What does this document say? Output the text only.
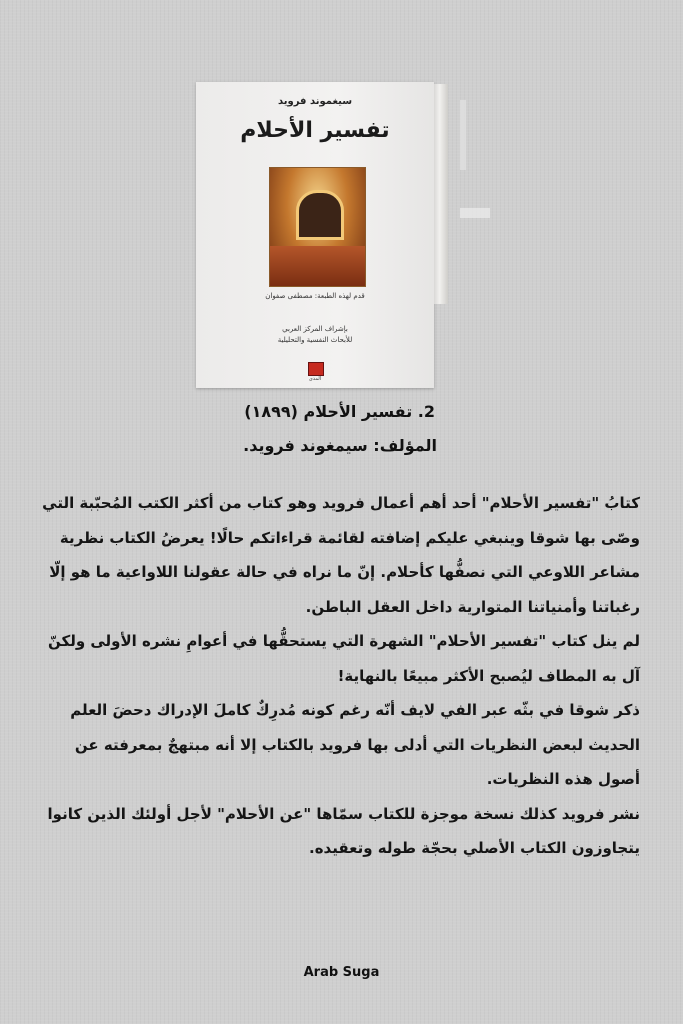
سيغموند فرويد
تفسير الأحلام
قدم لهذه الطبعة: مصطفى صفوان
بإشراف المركز العربي
للأبحاث النفسية والتحليلية
المدى
2. تفسير الأحلام (١٨٩٩)
المؤلف: سيمغوند فرويد.

كتابُ "تفسير الأحلام" أحد أهم أعمال فرويد وهو كتاب من أكثر الكتب المُحبّبة التي وصّى بها شوقا وينبغي عليكم إضافته لقائمة قراءاتكم حالًا! يعرضُ الكتاب نظرية مشاعر اللاوعي التي نصفُّها كأحلام. إنّ ما نراه في حالة عقولنا اللاواعية ما هو إلّا رغباتنا وأمنياتنا المتوارية داخل العقل الباطن.

لم ينل كتاب "تفسير الأحلام" الشهرة التي يستحقُّها في أعوامِ نشره الأولى ولكنّ آل به المطاف ليُصبح الأكثر مبيعًا بالنهاية!

ذكر شوقا في بثّه عبر الفي لايف أنّه رغم كونه مُدرِكٌ كاملَ الإدراك دحضَ العلم الحديث لبعض النظريات التي أدلى بها فرويد بالكتاب إلا أنه مبتهجٌ بمعرفته عن أصول هذه النظريات.

نشر فرويد كذلك نسخة موجزة للكتاب سمّاها "عن الأحلام" لأجل أولئك الذين كانوا يتجاوزون الكتاب الأصلي بحجّة طوله وتعقيده.

Arab Suga
